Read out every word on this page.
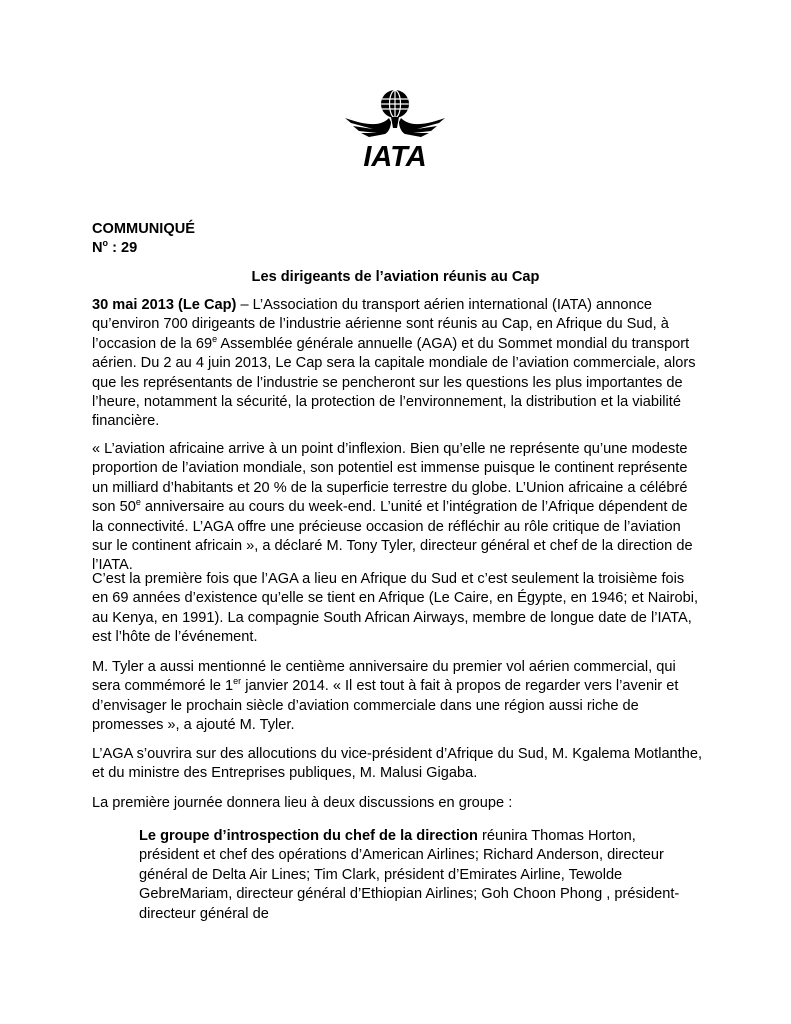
IATA
COMMUNIQUÉ
$N^o$ : 29
Les dirigeants de l’aviation réunis au Cap

30 mai 2013 (Le Cap) – L’Association du transport aérien international (IATA) annonce qu’environ 700 dirigeants de l’industrie aérienne sont réunis au Cap, en Afrique du Sud, à l’occasion de la 69e Assemblée générale annuelle (AGA) et du Sommet mondial du transport aérien. Du 2 au 4 juin 2013, Le Cap sera la capitale mondiale de l’aviation commerciale, alors que les représentants de l’industrie se pencheront sur les questions les plus importantes de l’heure, notamment la sécurité, la protection de l’environnement, la distribution et la viabilité financière.

« L’aviation africaine arrive à un point d’inflexion. Bien qu’elle ne représente qu’une modeste proportion de l’aviation mondiale, son potentiel est immense puisque le continent représente un milliard d’habitants et 20 % de la superficie terrestre du globe. L’Union africaine a célébré son 50e anniversaire au cours du week-end. L’unité et l’intégration de l’Afrique dépendent de la connectivité. L’AGA offre une précieuse occasion de réfléchir au rôle critique de l’aviation sur le continent africain », a déclaré M. Tony Tyler, directeur général et chef de la direction de l’IATA.

C’est la première fois que l’AGA a lieu en Afrique du Sud et c’est seulement la troisième fois en 69 années d’existence qu’elle se tient en Afrique (Le Caire, en Égypte, en 1946; et Nairobi, au Kenya, en 1991). La compagnie South African Airways, membre de longue date de l’IATA, est l’hôte de l’événement.

M. Tyler a aussi mentionné le centième anniversaire du premier vol aérien commercial, qui sera commémoré le 1er janvier 2014. « Il est tout à fait à propos de regarder vers l’avenir et d’envisager le prochain siècle d’aviation commerciale dans une région aussi riche de promesses », a ajouté M. Tyler.

L’AGA s’ouvrira sur des allocutions du vice-président d’Afrique du Sud, M. Kgalema Motlanthe, et du ministre des Entreprises publiques, M. Malusi Gigaba.

La première journée donnera lieu à deux discussions en groupe :

Le groupe d’introspection du chef de la direction réunira Thomas Horton, président et chef des opérations d’American Airlines; Richard Anderson, directeur général de Delta Air Lines; Tim Clark, président d’Emirates Airline, Tewolde GebreMariam, directeur général d’Ethiopian Airlines; Goh Choon Phong , président-directeur général de
